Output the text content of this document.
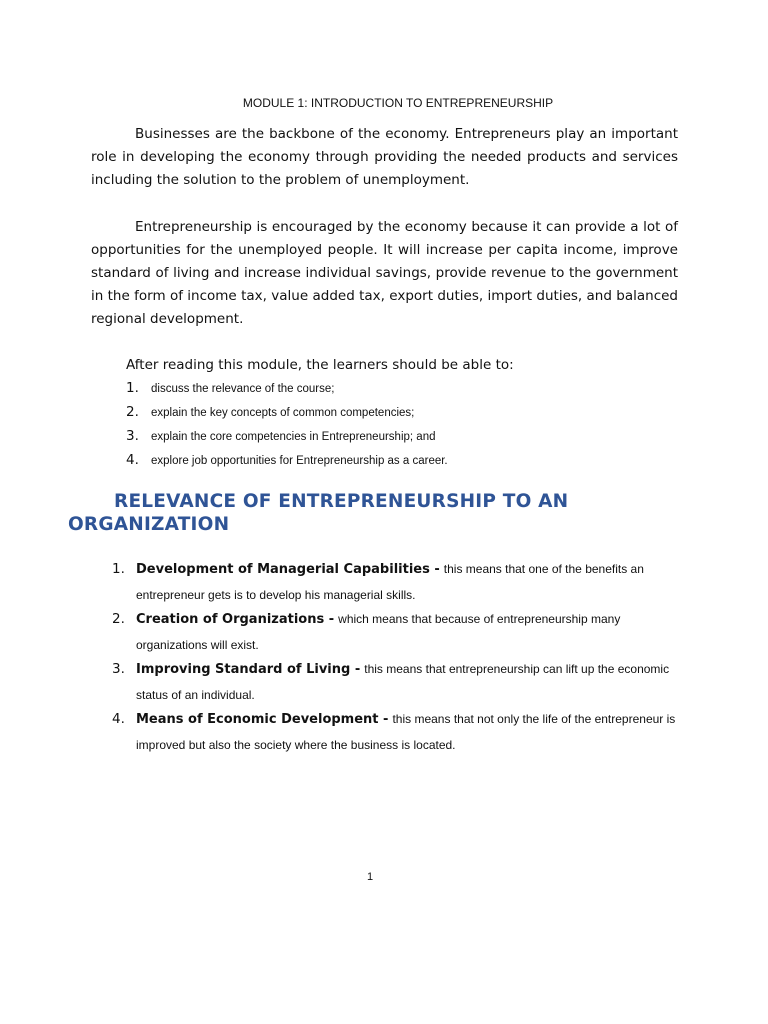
MODULE 1: INTRODUCTION TO ENTREPRENEURSHIP

Businesses are the backbone of the economy. Entrepreneurs play an important role in developing the economy through providing the needed products and services including the solution to the problem of unemployment.

Entrepreneurship is encouraged by the economy because it can provide a lot of opportunities for the unemployed people. It will increase per capita income, improve standard of living and increase individual savings, provide revenue to the government in the form of income tax, value added tax, export duties, import duties, and balanced regional development.

After reading this module, the learners should be able to:

1. discuss the relevance of the course;
2. explain the key concepts of common competencies;
3. explain the core competencies in Entrepreneurship; and
4. explore job opportunities for Entrepreneurship as a career.
RELEVANCE OF ENTREPRENEURSHIP TO AN ORGANIZATION
1. Development of Managerial Capabilities - this means that one of the benefits an entrepreneur gets is to develop his managerial skills.
2. Creation of Organizations - which means that because of entrepreneurship many organizations will exist.
3. Improving Standard of Living - this means that entrepreneurship can lift up the economic status of an individual.
4. Means of Economic Development - this means that not only the life of the entrepreneur is improved but also the society where the business is located.
1
